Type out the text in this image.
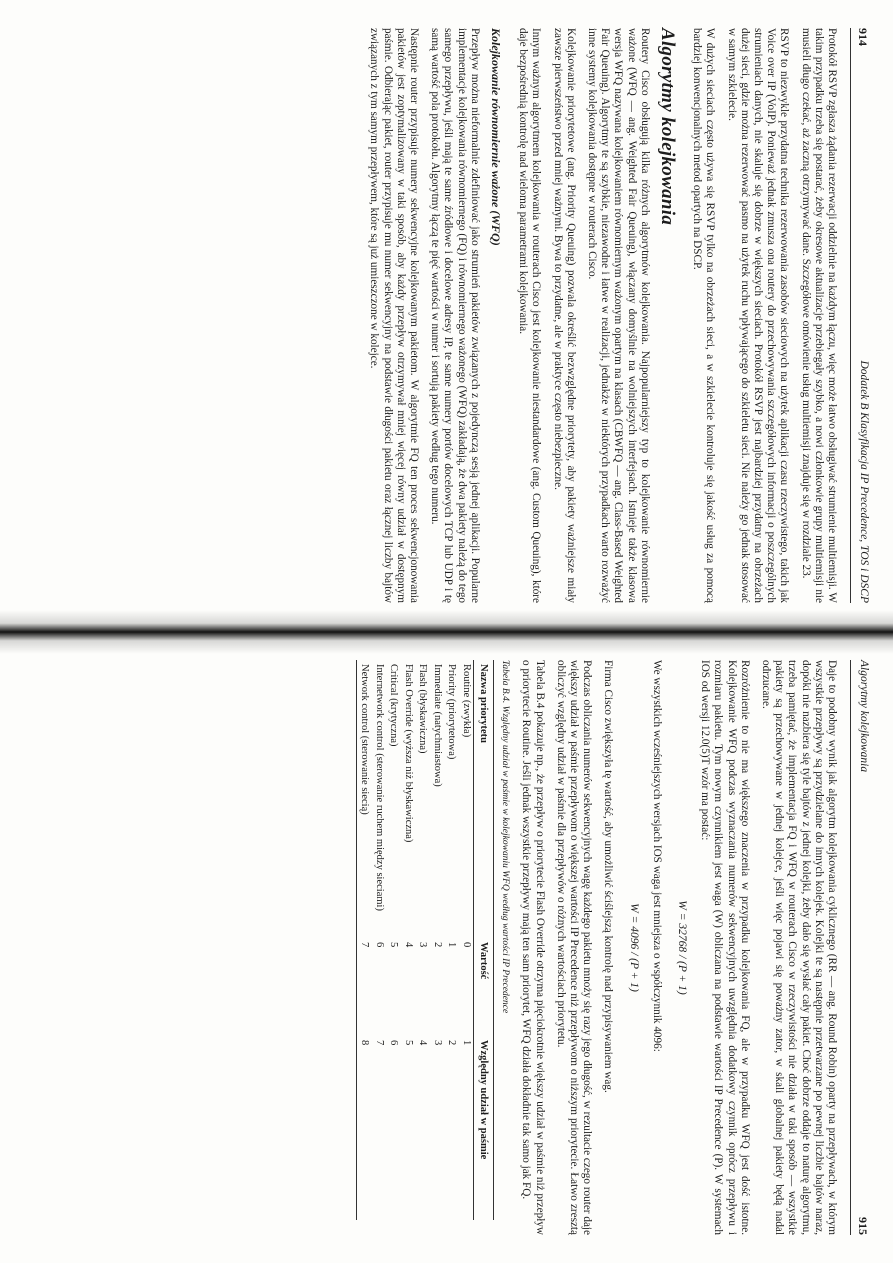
914
Dodatek B Klasyfikacja IP Precedence, TOS i DSCP

Protokół RSVP zgłasza żądania rezerwacji oddzielnie na każdym łączu, więc może łatwo obsługiwać strumienie multiemisji. W takim przypadku trzeba się postarać, żeby okresowe aktualizacje przebiegały szybko, a nowi członkowie grupy multiemisji nie musieli długo czekać, aż zaczną otrzymywać dane. Szczegółowe omówienie usług multiemisji znajduje się w rozdziale 23.

RSVP to niezwykle przydatna technika rezerwowania zasobów sieciowych na użytek aplikacji czasu rzeczywistego, takich jak Voice over IP (VoIP). Ponieważ jednak zmusza ona routery do przechowywania szczegółowych informacji o poszczególnych strumieniach danych, nie skaluje się dobrze w większych sieciach. Protokół RSVP jest najbardziej przydatny na obrzeżach dużej sieci, gdzie można rezerwować pasmo na użytek ruchu wpływającego do szkieletu sieci. Nie należy go jednak stosować w samym szkielecie.

W dużych sieciach często używa się RSVP tylko na obrzeżach sieci, a w szkielecie kontroluje się jakość usług za pomocą bardziej konwencjonalnych metod opartych na DSCP.

Algorytmy kolejkowania

Routery Cisco obsługują kilka różnych algorytmów kolejkowania. Najpopularniejszy typ to kolejkowanie równomiernie ważone (WFQ — ang. Weighted Fair Queuing), włączany domyślnie na wolniejszych interfejsach. Istnieje także klasowa wersja WFQ nazywana kolejkowaniem równomiernym ważonym opartym na klasach (CBWFQ — ang. Class-Based Weighted Fair Queuing). Algorytmy te są szybkie, niezawodne i łatwe w realizacji, jednakże w niektórych przypadkach warto rozważyć inne systemy kolejkowania dostępne w routerach Cisco.

Kolejkowanie priorytetowe (ang. Priority Queuing) pozwala określić bezwzględne priorytety, aby pakiety ważniejsze miały zawsze pierwszeństwo przed mniej ważnymi. Bywa to przydatne, ale w praktyce często niebezpieczne.

Innym ważnym algorytmem kolejkowania w routerach Cisco jest kolejkowanie niestandardowe (ang. Custom Queuing), które daje bezpośrednią kontrolę nad wieloma parametrami kolejkowania.

Kolejkowanie równomiernie ważone (WFQ)

Przepływ można nieformalnie zdefiniować jako strumień pakietów związanych z pojedynczą sesją jednej aplikacji. Popularne implementacje kolejkowania równomiernego (FQ) i równomiernego ważonego (WFQ) zakładają, że dwa pakiety należą do tego samego przepływu, jeśli mają te same źródłowe i docelowe adresy IP, te same numery portów docelowych TCP lub UDP i tę samą wartość pola protokołu. Algorytmy łączą te pięć wartości w numer i sortują pakiety według tego numeru.

Następnie router przypisuje numery sekwencyjne kolejkowanym pakietom. W algorytmie FQ ten proces sekwencjonowania pakietów jest zoptymalizowany w taki sposób, aby każdy przepływ otrzymywał mniej więcej równy udział w dostępnym paśmie. Odbierając pakiet, router przypisuje mu numer sekwencyjny na podstawie długości pakietu oraz łącznej liczby bajtów związanych z tym samym przepływem, które są już umieszczone w kolejce.

Algorytmy kolejkowania
915

Daje to podobny wynik jak algorytm kolejkowania cyklicznego (RR — ang. Round Robin) oparty na przepływach, w którym wszystkie przepływy są przydzielane do innych kolejek. Kolejki te są następnie przetwarzane po pewnej liczbie bajtów naraz, dopóki nie nazbiera się tyle bajtów z jednej kolejki, żeby dało się wysłać cały pakiet. Choć dobrze oddaje to naturę algorytmu, trzeba pamiętać, że implementacja FQ i WFQ w routerach Cisco w rzeczywistości nie działa w taki sposób — wszystkie pakiety są przechowywane w jednej kolejce, jeśli więc pojawi się poważny zator, w skali globalnej pakiety będą nadal odrzucane.

Rozróżnienie to nie ma większego znaczenia w przypadku kolejkowania FQ, ale w przypadku WFQ jest dość istotne. Kolejkowanie WFQ podczas wyznaczania numerów sekwencyjnych uwzględnia dodatkowy czynnik oprócz przepływu i rozmiaru pakietu. Tym nowym czynnikiem jest waga (W) obliczana na podstawie wartości IP Precedence (P). W systemach IOS od wersji 12.0(5)T wzór ma postać:

W = 32768 / (P + 1)

We wszystkich wcześniejszych wersjach IOS waga jest mniejsza o współczynnik 4096:

W = 4096 / (P + 1)

Firma Cisco zwiększyła tę wartość, aby umożliwić ściślejszą kontrolę nad przypisywaniem wag.

Podczas obliczania numerów sekwencyjnych wagę każdego pakietu mnoży się razy jego długość, w rezultacie czego router daje większy udział w paśmie przepływom o większej wartości IP Precedence niż przepływom o niższym priorytecie. Łatwo zresztą obliczyć względny udział w paśmie dla przepływów o różnych wartościach priorytetu.

Tabela B.4 pokazuje np., że przepływ o priorytecie Flash Override otrzyma pięciokrotnie większy udział w paśmie niż przepływ o priorytecie Routine. Jeśli jednak wszystkie przepływy mają ten sam priorytet, WFQ działa dokładnie tak samo jak FQ.

Tabela B.4. Względny udział w paśmie w kolejkowaniu WFQ według wartości IP Precedence
Nazwa priorytetu	Wartość	Względny udział w paśmie
Routine (zwykła)	0	1
Priority (priorytetowa)	1	2
Immediate (natychmiastowa)	2	3
Flash (błyskawiczna)	3	4
Flash Override (wyższa niż błyskawiczna)	4	5
Critical (krytyczna)	5	6
Internetwork control (sterowanie ruchem między sieciami)	6	7
Network control (sterowanie siecią)	7	8
